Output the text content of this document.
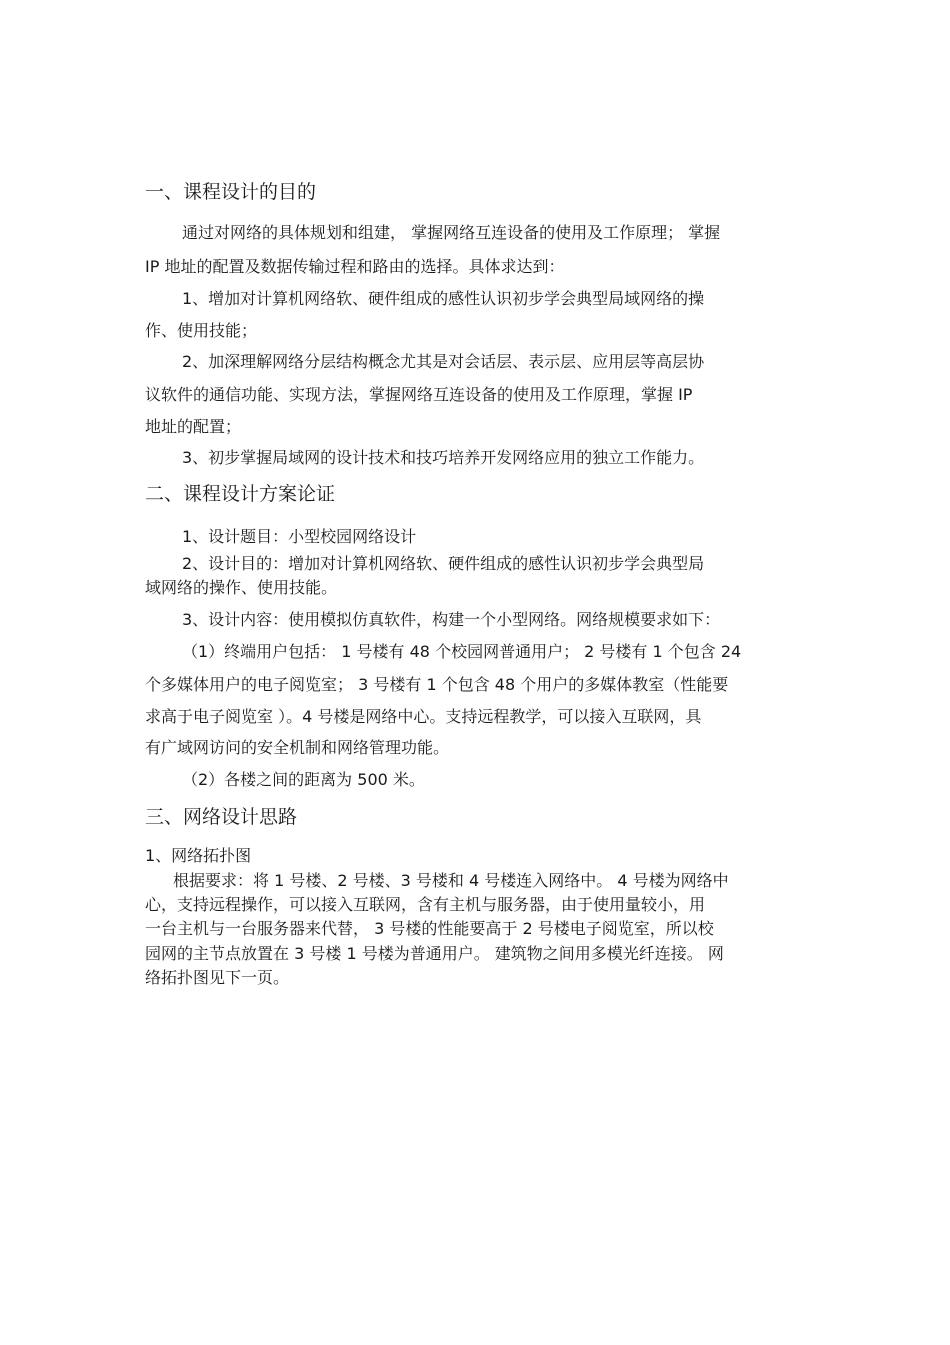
一、课程设计的目的
通过对网络的具体规划和组建， 掌握网络互连设备的使用及工作原理； 掌握
IP 地址的配置及数据传输过程和路由的选择。具体求达到：
1、增加对计算机网络软、硬件组成的感性认识初步学会典型局域网络的操
作、使用技能；
2、加深理解网络分层结构概念尤其是对会话层、表示层、应用层等高层协
议软件的通信功能、实现方法，掌握网络互连设备的使用及工作原理，掌握 IP
地址的配置；
3、初步掌握局域网的设计技术和技巧培养开发网络应用的独立工作能力。
二、课程设计方案论证
1、设计题目：小型校园网络设计
2、设计目的：增加对计算机网络软、硬件组成的感性认识初步学会典型局
域网络的操作、使用技能。
3、设计内容：使用模拟仿真软件，构建一个小型网络。网络规模要求如下：
（1）终端用户包括： 1 号楼有 48 个校园网普通用户； 2 号楼有 1 个包含 24
个多媒体用户的电子阅览室； 3 号楼有 1 个包含 48 个用户的多媒体教室（性能要
求高于电子阅览室 ）。4 号楼是网络中心。支持远程教学，可以接入互联网，具
有广域网访问的安全机制和网络管理功能。
（2）各楼之间的距离为 500 米。
三、网络设计思路
1、网络拓扑图
根据要求：将 1 号楼、2 号楼、3 号楼和 4 号楼连入网络中。 4 号楼为网络中
心，支持远程操作，可以接入互联网，含有主机与服务器，由于使用量较小，用
一台主机与一台服务器来代替， 3 号楼的性能要高于 2 号楼电子阅览室，所以校
园网的主节点放置在 3 号楼 1 号楼为普通用户。 建筑物之间用多模光纤连接。 网
络拓扑图见下一页。
